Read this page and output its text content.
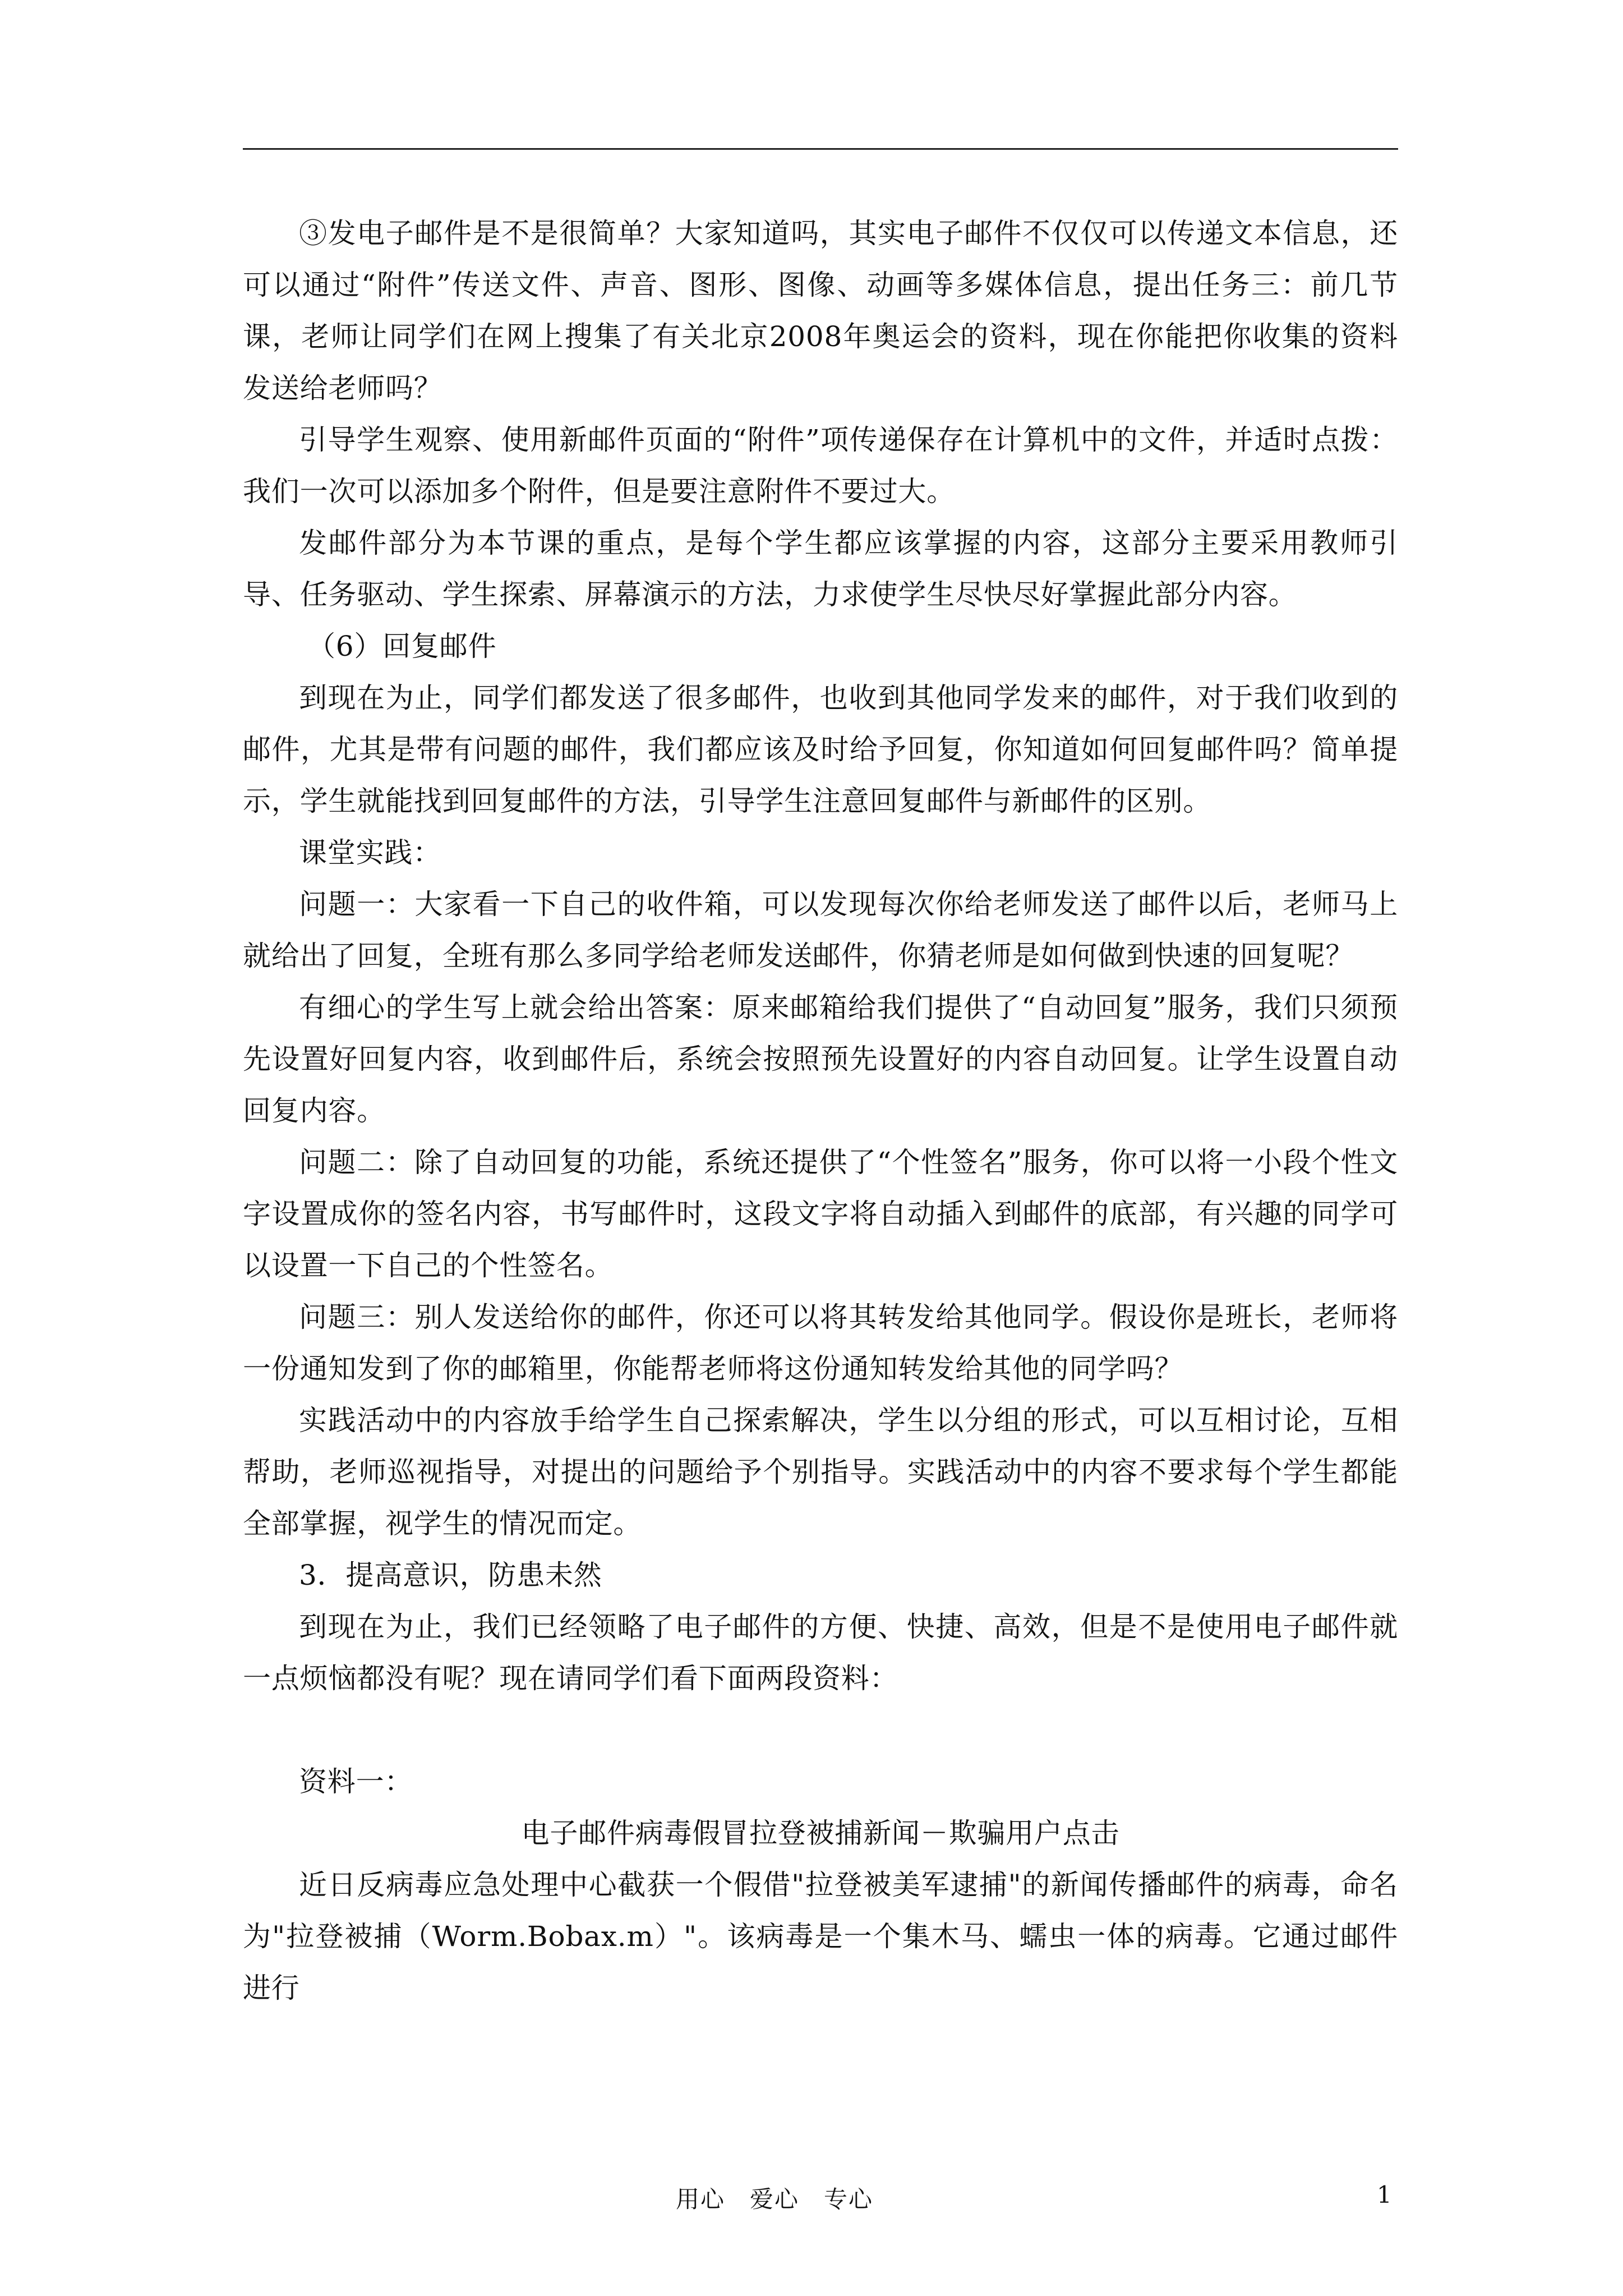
③发电子邮件是不是很简单？大家知道吗，其实电子邮件不仅仅可以传递文本信息，还可以通过“附件”传送文件、声音、图形、图像、动画等多媒体信息，提出任务三：前几节课，老师让同学们在网上搜集了有关北京2008年奥运会的资料，现在你能把你收集的资料发送给老师吗？

引导学生观察、使用新邮件页面的“附件”项传递保存在计算机中的文件，并适时点拨：我们一次可以添加多个附件，但是要注意附件不要过大。

发邮件部分为本节课的重点，是每个学生都应该掌握的内容，这部分主要采用教师引导、任务驱动、学生探索、屏幕演示的方法，力求使学生尽快尽好掌握此部分内容。

（6）回复邮件

到现在为止，同学们都发送了很多邮件，也收到其他同学发来的邮件，对于我们收到的邮件，尤其是带有问题的邮件，我们都应该及时给予回复，你知道如何回复邮件吗？简单提示，学生就能找到回复邮件的方法，引导学生注意回复邮件与新邮件的区别。

课堂实践：

问题一：大家看一下自己的收件箱，可以发现每次你给老师发送了邮件以后，老师马上就给出了回复，全班有那么多同学给老师发送邮件，你猜老师是如何做到快速的回复呢？

有细心的学生写上就会给出答案：原来邮箱给我们提供了“自动回复”服务，我们只须预先设置好回复内容，收到邮件后，系统会按照预先设置好的内容自动回复。让学生设置自动回复内容。

问题二：除了自动回复的功能，系统还提供了“个性签名”服务，你可以将一小段个性文字设置成你的签名内容，书写邮件时，这段文字将自动插入到邮件的底部，有兴趣的同学可以设置一下自己的个性签名。

问题三：别人发送给你的邮件，你还可以将其转发给其他同学。假设你是班长，老师将一份通知发到了你的邮箱里，你能帮老师将这份通知转发给其他的同学吗？

实践活动中的内容放手给学生自己探索解决，学生以分组的形式，可以互相讨论，互相帮助，老师巡视指导，对提出的问题给予个别指导。实践活动中的内容不要求每个学生都能全部掌握，视学生的情况而定。

3．提高意识，防患未然

到现在为止，我们已经领略了电子邮件的方便、快捷、高效，但是不是使用电子邮件就一点烦恼都没有呢？现在请同学们看下面两段资料：

资料一：

电子邮件病毒假冒拉登被捕新闻－欺骗用户点击

近日反病毒应急处理中心截获一个假借"拉登被美军逮捕"的新闻传播邮件的病毒，命名为"拉登被捕（Worm.Bobax.m）"。该病毒是一个集木马、蠕虫一体的病毒。它通过邮件进行

用心　爱心　专心	1
